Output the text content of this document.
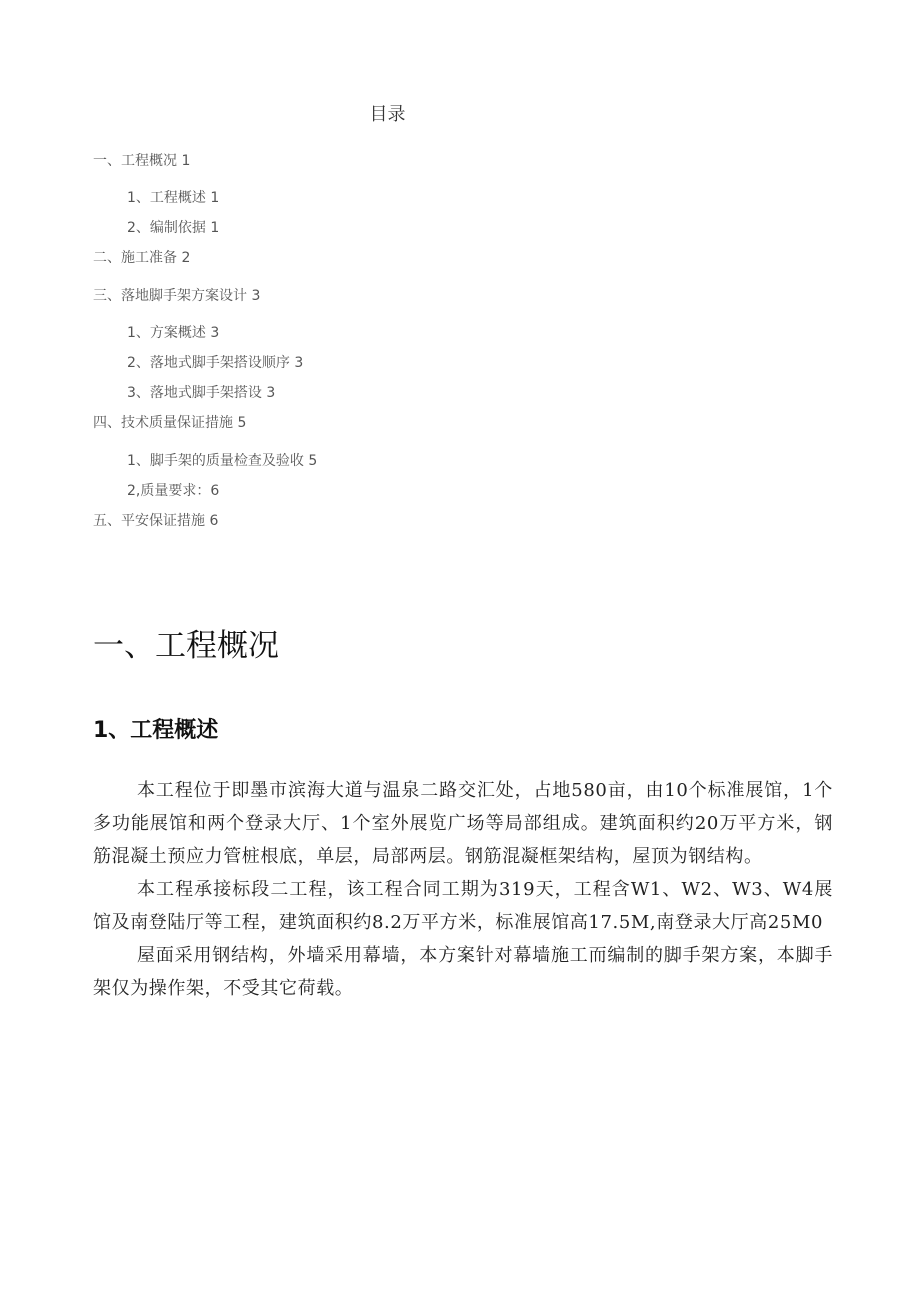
目录
一、工程概况 1
1、工程概述 1
2、编制依据 1
二、施工准备 2
三、落地脚手架方案设计 3
1、方案概述 3
2、落地式脚手架搭设顺序 3
3、落地式脚手架搭设 3
四、技术质量保证措施 5
1、脚手架的质量检查及验收 5
2,质量要求：6
五、平安保证措施 6
一、工程概况
1、工程概述

本工程位于即墨市滨海大道与温泉二路交汇处，占地580亩，由10个标准展馆，1个多功能展馆和两个登录大厅、1个室外展览广场等局部组成。建筑面积约20万平方米，钢筋混凝土预应力管桩根底，单层，局部两层。钢筋混凝框架结构，屋顶为钢结构。

本工程承接标段二工程，该工程合同工期为319天，工程含W1、W2、W3、W4展馆及南登陆厅等工程，建筑面积约8.2万平方米，标准展馆高17.5M,南登录大厅高25M0

屋面采用钢结构，外墙采用幕墙，本方案针对幕墙施工而编制的脚手架方案，本脚手架仅为操作架，不受其它荷载。
